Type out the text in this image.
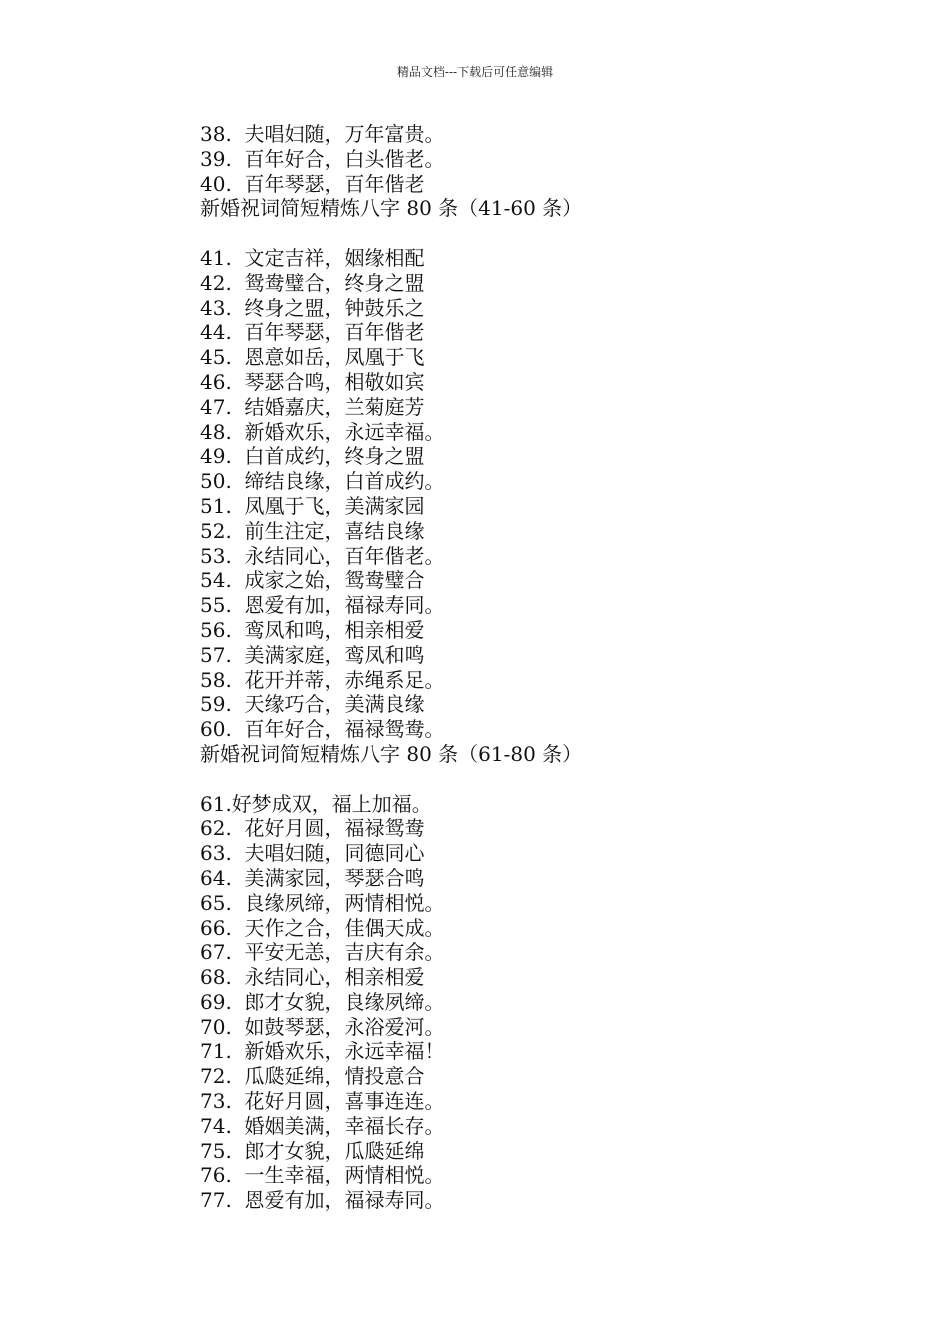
精品文档---下载后可任意编辑
38.  夫唱妇随，万年富贵。
39.  百年好合，白头偕老。
40.  百年琴瑟，百年偕老
新婚祝词简短精炼八字 80 条（41-60 条）
41.  文定吉祥，姻缘相配
42.  鸳鸯璧合，终身之盟
43.  终身之盟，钟鼓乐之
44.  百年琴瑟，百年偕老
45.  恩意如岳，凤凰于飞
46.  琴瑟合鸣，相敬如宾
47.  结婚嘉庆，兰菊庭芳
48.  新婚欢乐，永远幸福。
49.  白首成约，终身之盟
50.  缔结良缘，白首成约。
51.  凤凰于飞，美满家园
52.  前生注定，喜结良缘
53.  永结同心，百年偕老。
54.  成家之始，鸳鸯璧合
55.  恩爱有加，福禄寿同。
56.  鸾凤和鸣，相亲相爱
57.  美满家庭，鸾凤和鸣
58.  花开并蒂，赤绳系足。
59.  天缘巧合，美满良缘
60.  百年好合，福禄鸳鸯。
新婚祝词简短精炼八字 80 条（61-80 条）
61.好梦成双，福上加福。
62.  花好月圆，福禄鸳鸯
63.  夫唱妇随，同德同心
64.  美满家园，琴瑟合鸣
65.  良缘夙缔，两情相悦。
66.  天作之合，佳偶天成。
67.  平安无恙，吉庆有余。
68.  永结同心，相亲相爱
69.  郎才女貌，良缘夙缔。
70.  如鼓琴瑟，永浴爱河。
71.  新婚欢乐，永远幸福！
72.  瓜瓞延绵，情投意合
73.  花好月圆，喜事连连。
74.  婚姻美满，幸福长存。
75.  郎才女貌，瓜瓞延绵
76.  一生幸福，两情相悦。
77.  恩爱有加，福禄寿同。
